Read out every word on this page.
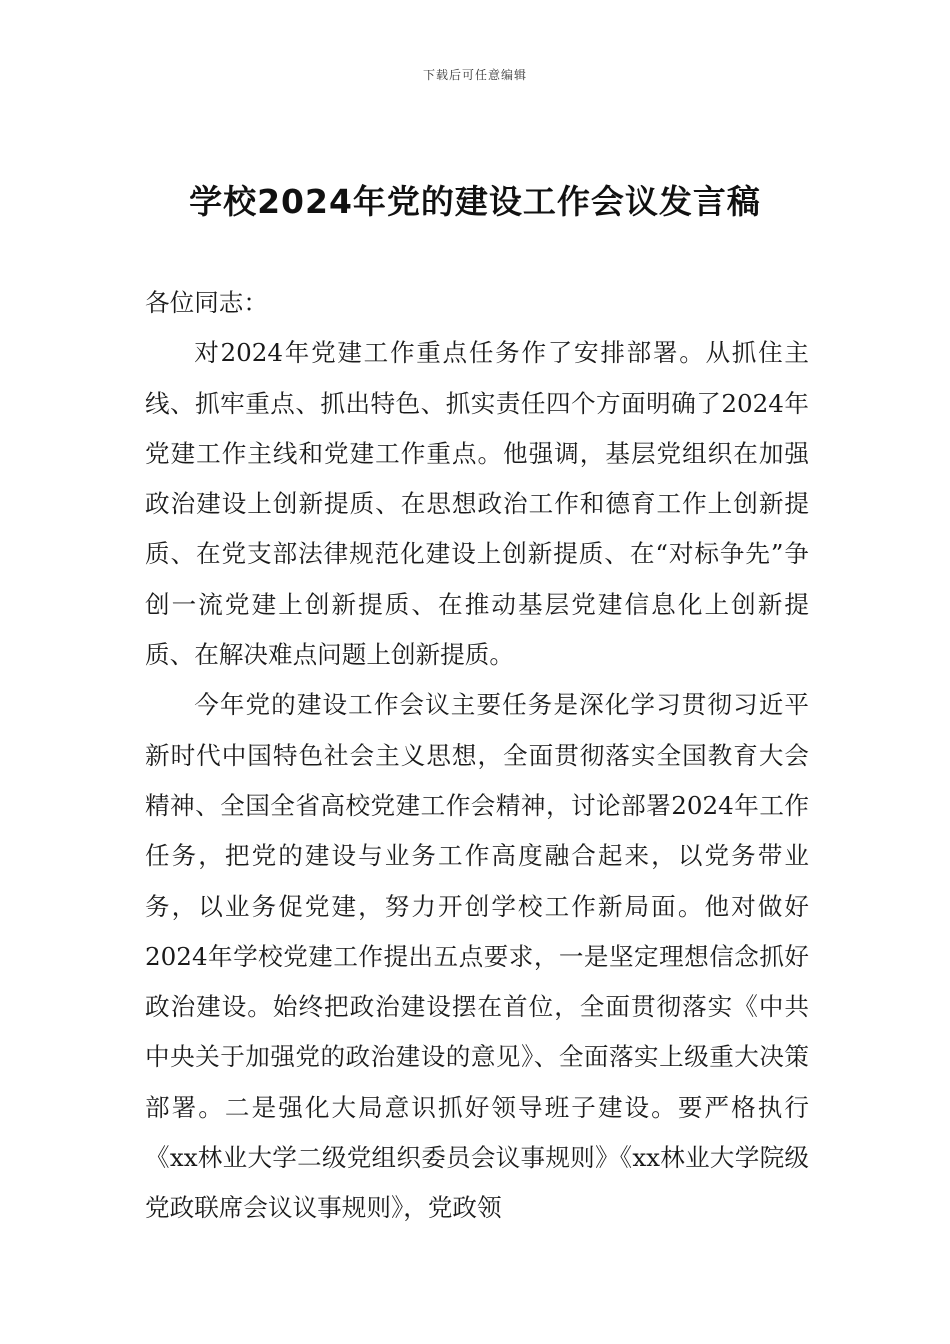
下载后可任意编辑
学校2024年党的建设工作会议发言稿

各位同志：

对2024年党建工作重点任务作了安排部署。从抓住主线、抓牢重点、抓出特色、抓实责任四个方面明确了2024年党建工作主线和党建工作重点。他强调，基层党组织在加强政治建设上创新提质、在思想政治工作和德育工作上创新提质、在党支部法律规范化建设上创新提质、在“对标争先”争创一流党建上创新提质、在推动基层党建信息化上创新提质、在解决难点问题上创新提质。

今年党的建设工作会议主要任务是深化学习贯彻习近平新时代中国特色社会主义思想，全面贯彻落实全国教育大会精神、全国全省高校党建工作会精神，讨论部署2024年工作任务，把党的建设与业务工作高度融合起来，以党务带业务，以业务促党建，努力开创学校工作新局面。他对做好2024年学校党建工作提出五点要求，一是坚定理想信念抓好政治建设。始终把政治建设摆在首位，全面贯彻落实《中共中央关于加强党的政治建设的意见》、全面落实上级重大决策部署。二是强化大局意识抓好领导班子建设。要严格执行《xx林业大学二级党组织委员会议事规则》《xx林业大学院级党政联席会议议事规则》，党政领
